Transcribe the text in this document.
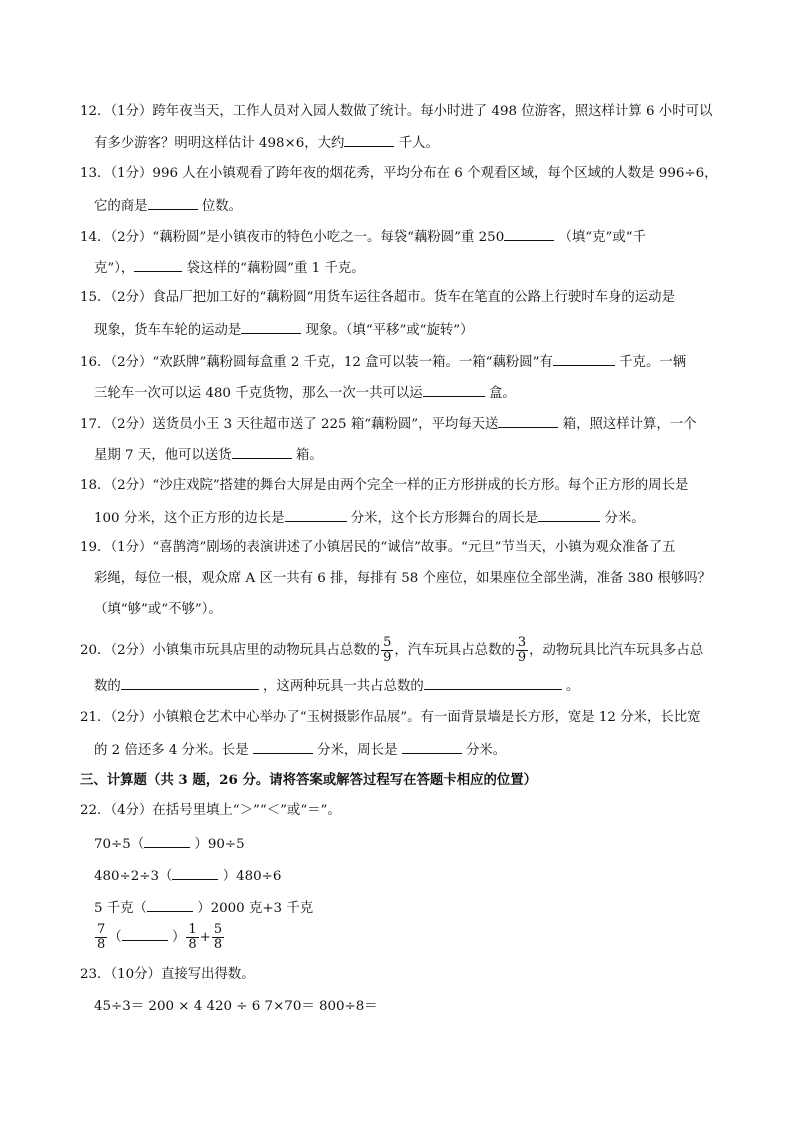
12．（1分）跨年夜当天，工作人员对入园人数做了统计。每小时进了 498 位游客，照这样计算 6 小时可以
有多少游客？明明这样估计 498×6，大约	千人。
13．（1分）996 人在小镇观看了跨年夜的烟花秀，平均分布在 6 个观看区域，每个区域的人数是 996÷6，
它的商是	位数。
14．（2分）“藕粉圆”是小镇夜市的特色小吃之一。每袋“藕粉圆”重 250	（填“克”或“千
克”），	袋这样的“藕粉圆”重 1 千克。
15．（2分）食品厂把加工好的“藕粉圆”用货车运往各超市。货车在笔直的公路上行驶时车身的运动是
现象，货车车轮的运动是	现象。（填“平移”或“旋转”）
16．（2分）“欢跃牌”藕粉圆每盒重 2 千克，12 盒可以装一箱。一箱“藕粉圆”有	千克。一辆
三轮车一次可以运 480 千克货物，那么一次一共可以运	盒。
17．（2分）送货员小王 3 天往超市送了 225 箱“藕粉圆”，平均每天送	箱，照这样计算，一个
星期 7 天，他可以送货	箱。
18．（2分）“沙庄戏院”搭建的舞台大屏是由两个完全一样的正方形拼成的长方形。每个正方形的周长是
100 分米，这个正方形的边长是	分米，这个长方形舞台的周长是	分米。
19．（1分）“喜鹊湾”剧场的表演讲述了小镇居民的“诚信”故事。“元旦”节当天，小镇为观众准备了五
彩绳，每位一根，观众席 A 区一共有 6 排，每排有 58 个座位，如果座位全部坐满，准备 380 根够吗？
（填“够”或“不够”）。
20．（2分）小镇集市玩具店里的动物玩具占总数的 $\frac{5}{9}$ ，汽车玩具占总数的 $\frac{3}{9}$ ，动物玩具比汽车玩具多占总
数的	，这两种玩具一共占总数的	。
21．（2分）小镇粮仓艺术中心举办了“玉树摄影作品展”。有一面背景墙是长方形，宽是 12 分米，长比宽
的 2 倍还多 4 分米。长是	分米，周长是	分米。
三、计算题（共 3 题，26 分。请将答案或解答过程写在答题卡相应的位置）
22．（4分）在括号里填上“＞”“＜”或“＝”。
70÷5（	）90÷5
480÷2÷3（	）480÷6
5 千克（	）2000 克+3 千克
$\frac{7}{8}$ （	） $\frac{1}{8} + \frac{5}{8}$
23．（10分）直接写出得数。
45÷3＝ 200 × 4 420 ÷ 6 7×70＝ 800÷8＝
